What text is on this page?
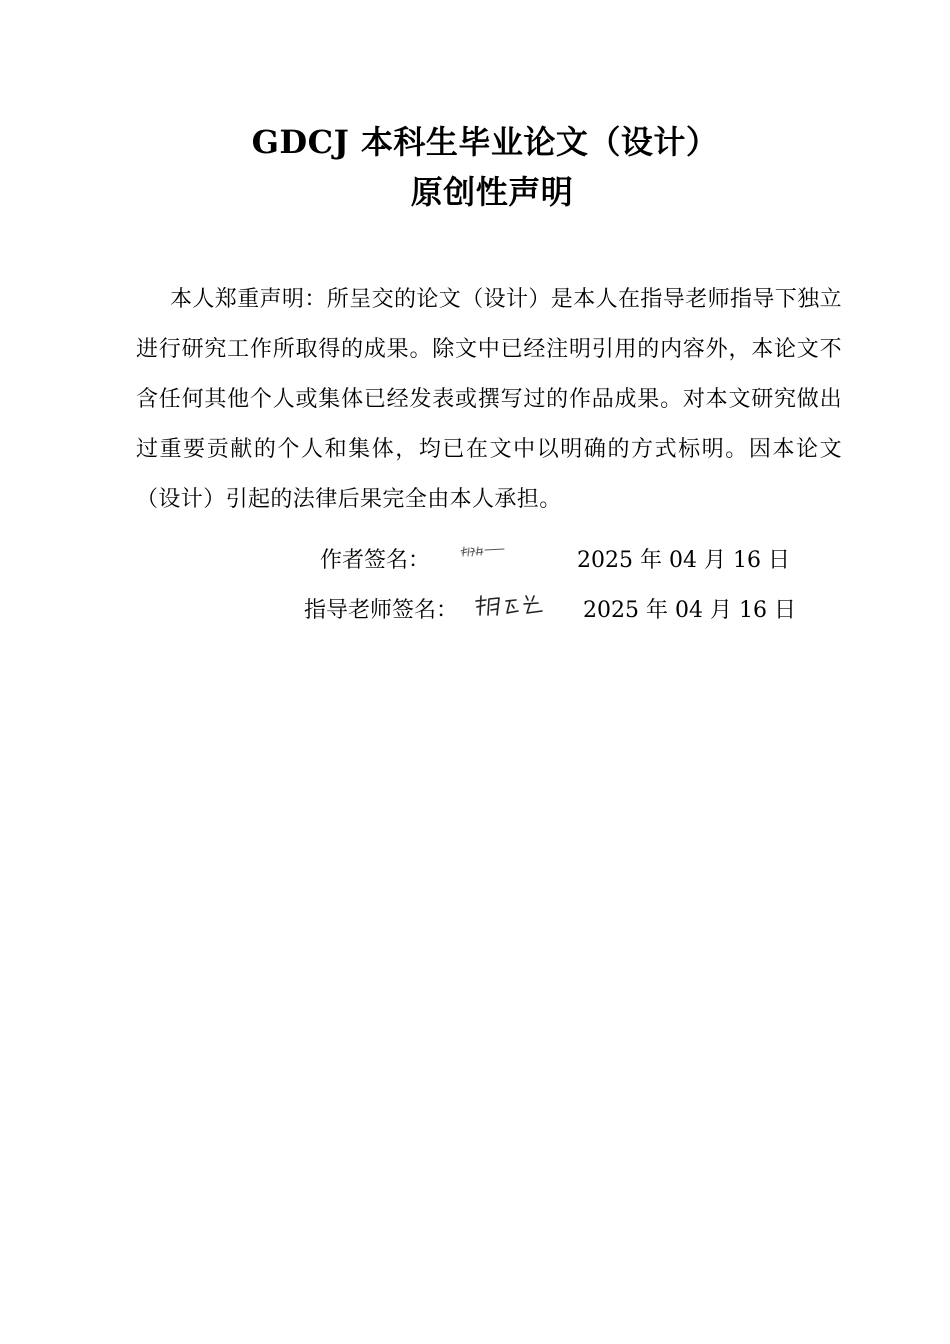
GDCJ 本科生毕业论文（设计）
原创性声明
本人郑重声明：所呈交的论文（设计）是本人在指导老师指导下独立进行研究工作所取得的成果。除文中已经注明引用的内容外，本论文不含任何其他个人或集体已经发表或撰写过的作品成果。对本文研究做出过重要贡献的个人和集体，均已在文中以明确的方式标明。因本论文（设计）引起的法律后果完全由本人承担。
作者签名：	2025 年 04 月 16 日
指导老师签名：	2025 年 04 月 16 日
